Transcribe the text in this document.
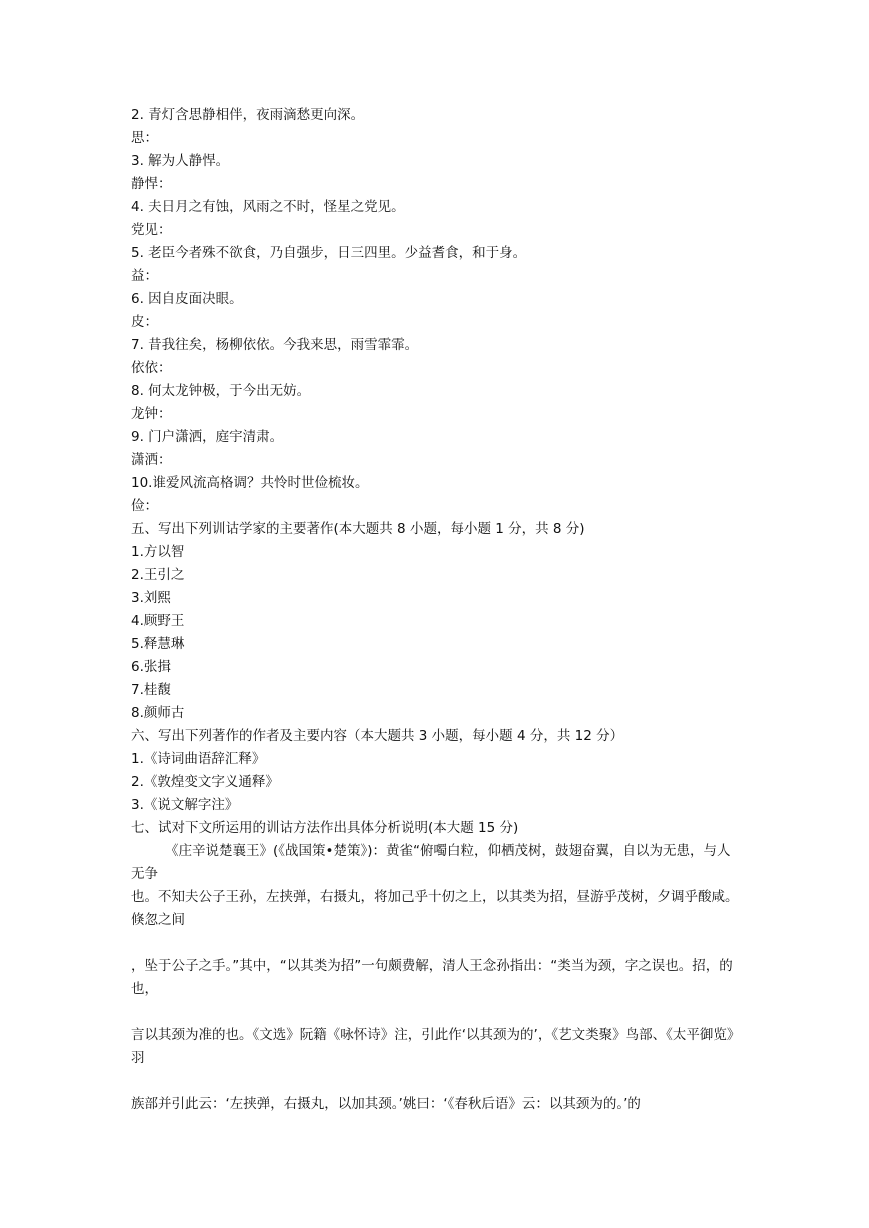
2. 青灯含思静相伴，夜雨滴愁更向深。
思：
3. 解为人静悍。
静悍：
4. 夫日月之有蚀，风雨之不时，怪星之党见。
党见：
5. 老臣今者殊不欲食，乃自强步，日三四里。少益耆食，和于身。
益：
6. 因自皮面决眼。
皮：
7. 昔我往矣，杨柳依依。今我来思，雨雪霏霏。
依依：
8. 何太龙钟极，于今出无妨。
龙钟：
9. 门户潇洒，庭宇清肃。
潇洒：
10.谁爱风流高格调？共怜时世俭梳妆。
俭：
五、写出下列训诂学家的主要著作(本大题共 8 小题，每小题 1 分，共 8 分)
1.方以智
2.王引之
3.刘熙
4.顾野王
5.释慧琳
6.张揖
7.桂馥
8.颜师古
六、写出下列著作的作者及主要内容（本大题共 3 小题，每小题 4 分，共 12 分）
1.《诗词曲语辞汇释》
2.《敦煌变文字义通释》
3.《说文解字注》
七、试对下文所运用的训诂方法作出具体分析说明(本大题 15 分)
《庄辛说楚襄王》(《战国策•楚策》)：黄雀“俯噣白粒，仰栖茂树，鼓翅奋翼，自以为无患，与人无争
也。不知夫公子王孙，左挟弹，右摄丸，将加己乎十仞之上，以其类为招，昼游乎茂树，夕调乎酸咸。倏忽之间
，坠于公子之手。”其中，“以其类为招”一句颇费解，清人王念孙指出：“类当为颈，字之误也。招，的也，
言以其颈为准的也。《文选》阮籍《咏怀诗》注，引此作‘以其颈为的’，《艺文类聚》鸟部、《太平御览》羽
族部并引此云：‘左挟弹，右摄丸，以加其颈。’姚曰：‘《春秋后语》云：以其颈为的。’的
